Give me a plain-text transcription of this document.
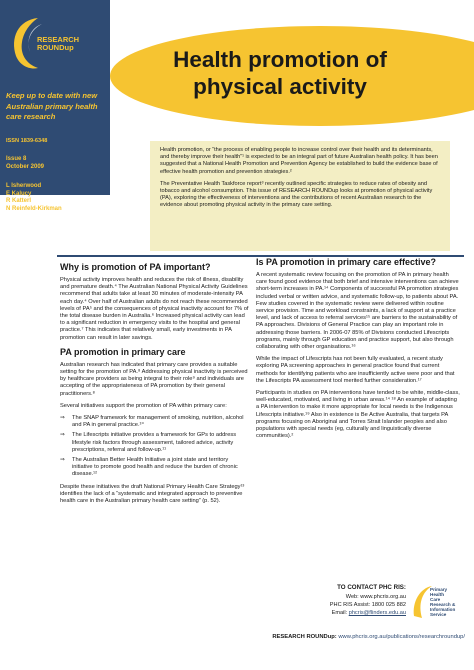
RESEARCH
ROUNDup
Keep up to date with new Australian primary health care research
ISSN 1839-6348
Issue 8
October 2009
L Isherwood
E Kalucy
R Katterl
N Reinfeld-Kirkman
Health promotion of physical activity

Health promotion, or “the process of enabling people to increase control over their health and its determinants, and thereby improve their health”¹ is expected to be an integral part of future Australian health policy. It has been suggested that a National Health Promotion and Prevention Agency be established to build the evidence base of effective health promotion and prevention strategies.²

The Preventative Health Taskforce report³ recently outlined specific strategies to reduce rates of obesity and tobacco and alcohol consumption. This issue of RESEARCH ROUNDup looks at promotion of physical activity (PA), exploring the effectiveness of interventions and the contributions of recent Australian research to the evidence about promoting physical activity in the primary care setting.

Why is promotion of PA important?

Physical activity improves health and reduces the risk of illness, disability and premature death.⁴ The Australian National Physical Activity Guidelines recommend that adults take at least 30 minutes of moderate-intensity PA each day.⁴ Over half of Australian adults do not reach these recommended levels of PA⁵ and the consequences of physical inactivity account for 7% of the total disease burden in Australia.⁶ Increased physical activity can lead to a significant reduction in emergency visits to the hospital and general practice.⁷ This indicates that relatively small, early investments in PA promotion can result in later savings.

PA promotion in primary care

Australian research has indicated that primary care provides a suitable setting for the promotion of PA.⁸ Addressing physical inactivity is perceived by healthcare providers as being integral to their role⁹ and individuals are accepting of the appropriateness of PA promotion by their general practitioners.⁸

Several initiatives support the promotion of PA within primary care:

⇒ The SNAP framework for management of smoking, nutrition, alcohol and PA in general practice.¹⁰
⇒ The Lifescripts initiative provides a framework for GPs to address lifestyle risk factors through assessment, tailored advice, activity prescriptions, referral and follow-up.¹¹
⇒ The Australian Better Health Initiative a joint state and territory initiative to promote good health and reduce the burden of chronic disease.¹²

Despite these initiatives the draft National Primary Health Care Strategy¹³ identifies the lack of a “systematic and integrated approach to preventive health care in the Australian primary health care setting” (p. 52).

Is PA promotion in primary care effective?

A recent systematic review focusing on the promotion of PA in primary health care found good evidence that both brief and intensive interventions can achieve short-term increases in PA.¹⁴ Components of successful PA promotion strategies included verbal or written advice, and systematic follow-up, to patients about PA. Few studies covered in the systematic review were delivered within routine service provision. Time and workload constraints, a lack of support at a practice level, and lack of access to referral services¹⁵ are barriers to the sustainability of PA approaches. Divisions of General Practice can play an important role in addressing those barriers. In 2006-07 85% of Divisions conducted Lifescripts programs, mainly through GP education and practice support, but also through collaborating with other organisations.¹⁶

While the impact of Lifescripts has not been fully evaluated, a recent study exploring PA screening approaches in general practice found that current methods for identifying patients who are insufficiently active were poor and that the Lifescripts PA assessment tool merited further consideration.¹⁷

Participants in studies on PA interventions have tended to be white, middle-class, well-educated, motivated, and living in urban areas.¹⁴ ¹⁸ An example of adapting a PA intervention to make it more appropriate for local needs is the Indigenous Lifescripts initiative.¹⁹ Also in existence is Be Active Australia, that targets PA programs focusing on Aboriginal and Torres Strait Islander peoples and also populations with special needs (eg, culturally and linguistically diverse communities).²

TO CONTACT PHC RIS:
Web: www.phcris.org.au
PHC RIS Assist: 1800 025 882
Email: phcris@flinders.edu.au
Primary
Health
Care
Research &
Information
Service
RESEARCH ROUNDup: www.phcris.org.au/publications/researchroundup/
